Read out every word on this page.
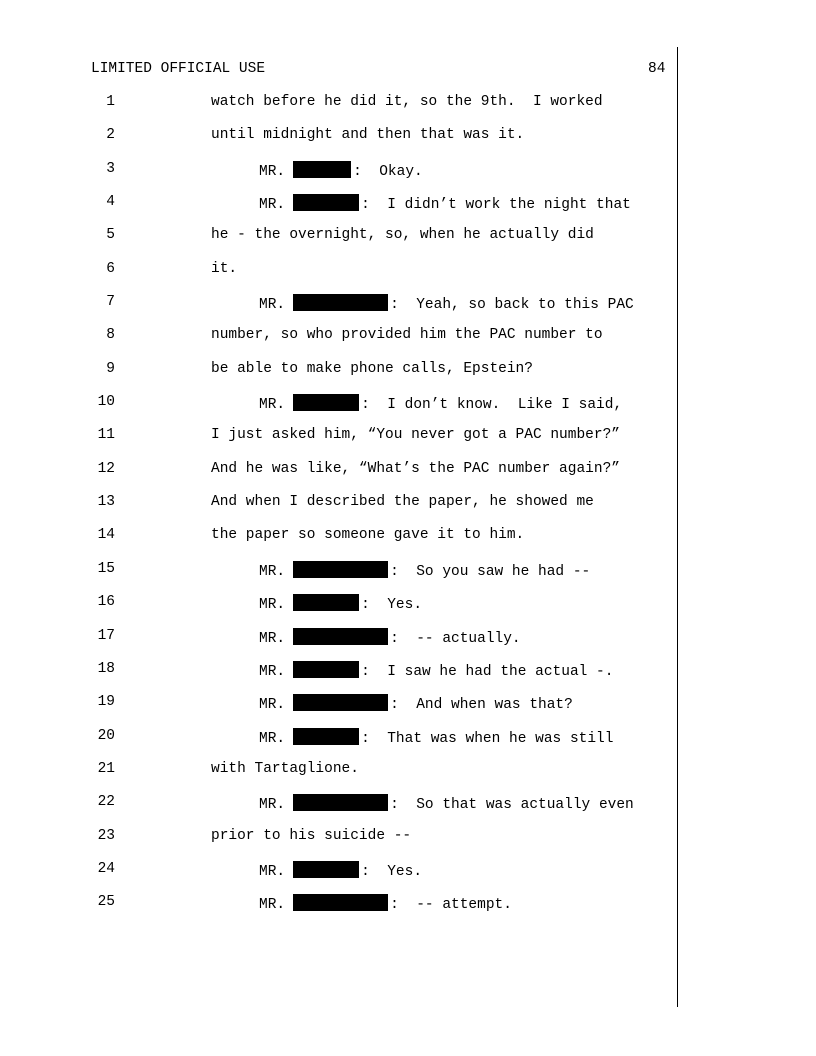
LIMITED OFFICIAL USE	84

1

	watch before he did it, so the 9th.  I worked

2

	until midnight and then that was it.

3

	MR.	:  Okay.

4

	MR.	:  I didn’t work the night that

5

	he - the overnight, so, when he actually did

6

	it.

7

	MR.	:  Yeah, so back to this PAC

8

	number, so who provided him the PAC number to

9

	be able to make phone calls, Epstein?

10

	MR.	:  I don’t know.  Like I said,

11

	I just asked him, “You never got a PAC number?”

12

	And he was like, “What’s the PAC number again?”

13

	And when I described the paper, he showed me

14

	the paper so someone gave it to him.

15

	MR.	:  So you saw he had --

16

	MR.	:  Yes.

17

	MR.	:  -- actually.

18

	MR.	:  I saw he had the actual -.

19

	MR.	:  And when was that?

20

	MR.	:  That was when he was still

21

	with Tartaglione.

22

	MR.	:  So that was actually even

23

	prior to his suicide --

24

	MR.	:  Yes.

25

	MR.	:  -- attempt.
